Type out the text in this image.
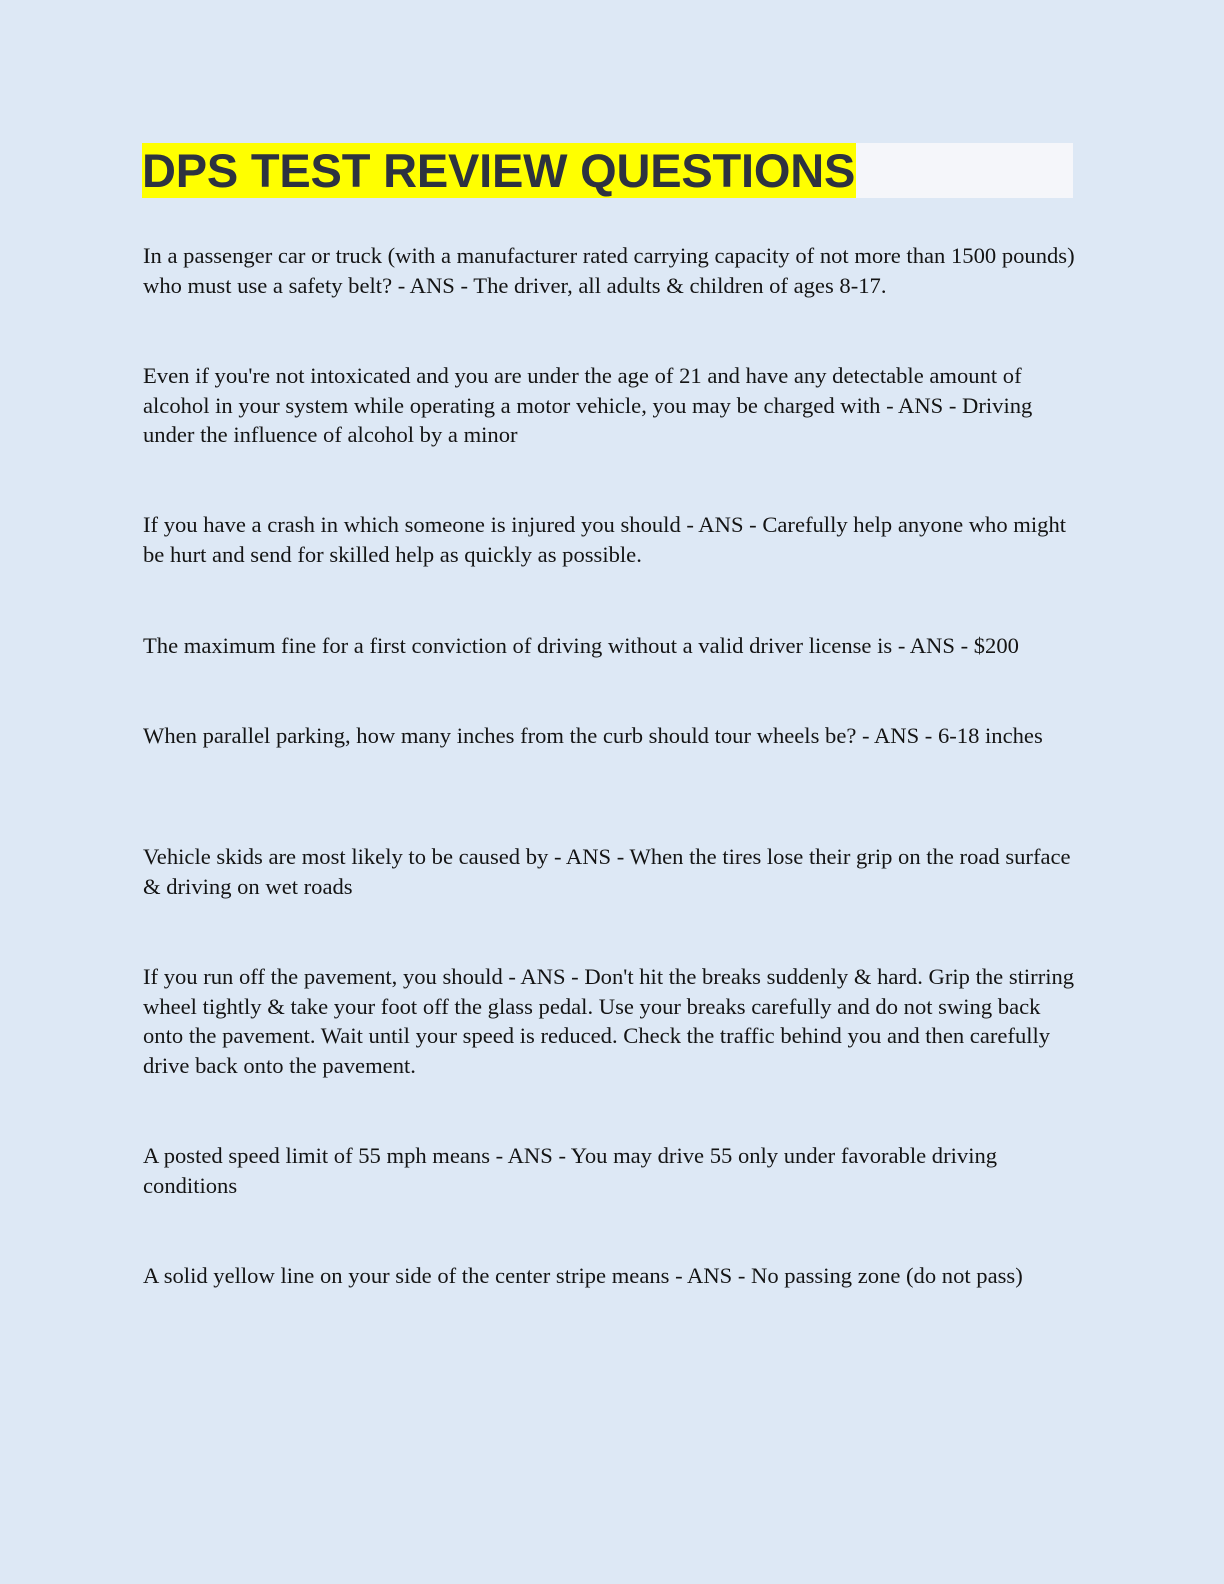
DPS TEST REVIEW QUESTIONS

In a passenger car or truck (with a manufacturer rated carrying capacity of not more than 1500 pounds) who must use a safety belt? - ANS - The driver, all adults & children of ages 8-17.

Even if you're not intoxicated and you are under the age of 21 and have any detectable amount of alcohol in your system while operating a motor vehicle, you may be charged with - ANS - Driving under the influence of alcohol by a minor

If you have a crash in which someone is injured you should - ANS - Carefully help anyone who might be hurt and send for skilled help as quickly as possible.

The maximum fine for a first conviction of driving without a valid driver license is - ANS - $200

When parallel parking, how many inches from the curb should tour wheels be? - ANS - 6-18 inches

Vehicle skids are most likely to be caused by - ANS - When the tires lose their grip on the road surface & driving on wet roads

If you run off the pavement, you should - ANS - Don't hit the breaks suddenly & hard. Grip the stirring wheel tightly & take your foot off the glass pedal. Use your breaks carefully and do not swing back onto the pavement. Wait until your speed is reduced. Check the traffic behind you and then carefully drive back onto the pavement.

A posted speed limit of 55 mph means - ANS - You may drive 55 only under favorable driving conditions

A solid yellow line on your side of the center stripe means - ANS - No passing zone (do not pass)
